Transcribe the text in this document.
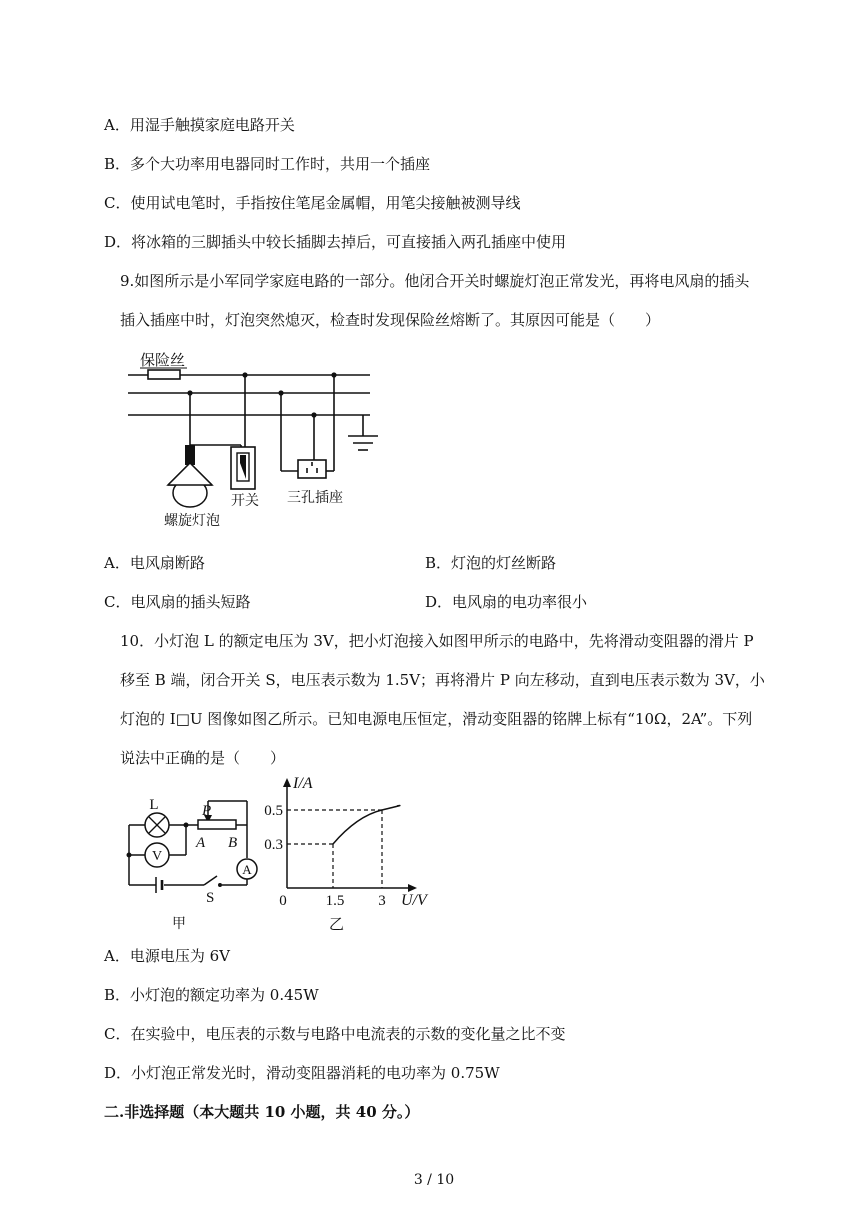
A．用湿手触摸家庭电路开关
B．多个大功率用电器同时工作时，共用一个插座
C．使用试电笔时，手指按住笔尾金属帽，用笔尖接触被测导线
D．将冰箱的三脚插头中较长插脚去掉后，可直接插入两孔插座中使用
9.如图所示是小军同学家庭电路的一部分。他闭合开关时螺旋灯泡正常发光，再将电风扇的插头
插入插座中时，灯泡突然熄灭，检查时发现保险丝熔断了。其原因可能是（　　）
保险丝
螺旋灯泡
开关 三孔插座
A．电风扇断路	B．灯泡的灯丝断路
C．电风扇的插头短路	D．电风扇的电功率很小
10．小灯泡 L 的额定电压为 3V，把小灯泡接入如图甲所示的电路中，先将滑动变阻器的滑片 P
移至 B 端，闭合开关 S，电压表示数为 1.5V；再将滑片 P 向左移动，直到电压表示数为 3V，小
灯泡的 I□U 图像如图乙所示。已知电源电压恒定，滑动变阻器的铭牌上标有“10Ω，2A”。下列
说法中正确的是（　　）
V
A
L	P
A B
S
甲
I/A
U/V
0
0.5
0.3
1.5 3
乙
A．电源电压为 6V
B．小灯泡的额定功率为 0.45W
C．在实验中，电压表的示数与电路中电流表的示数的变化量之比不变
D．小灯泡正常发光时，滑动变阻器消耗的电功率为 0.75W
二.非选择题（本大题共 10 小题，共 40 分。）
3 / 10
